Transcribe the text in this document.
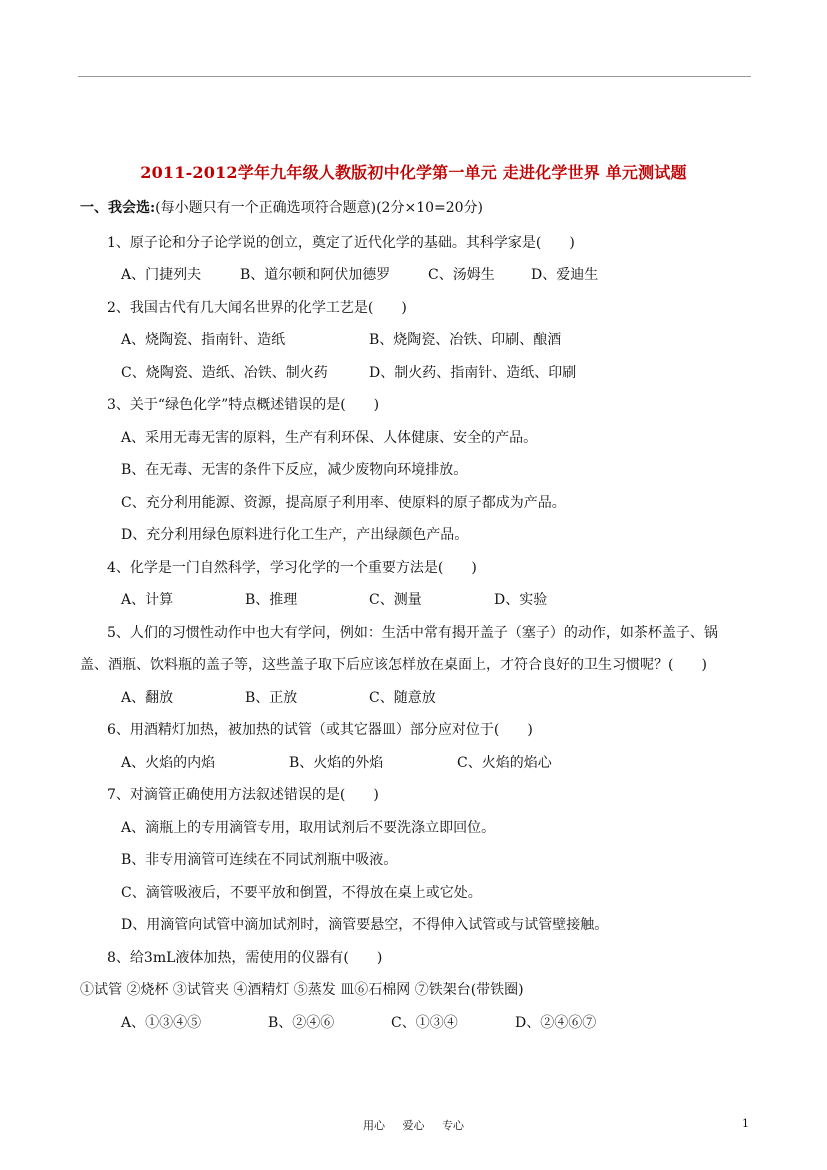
2011-2012学年九年级人教版初中化学第一单元 走进化学世界 单元测试题
一、我会选:(每小题只有一个正确选项符合题意)(2分×10=20分)
1、原子论和分子论学说的创立，奠定了近代化学的基础。其科学家是(　　)
A、门捷列夫	B、道尔顿和阿伏加德罗	C、汤姆生	D、爱迪生
2、我国古代有几大闻名世界的化学工艺是(　　)
A、烧陶瓷、指南针、造纸	B、烧陶瓷、冶铁、印刷、酿酒
C、烧陶瓷、造纸、冶铁、制火药	D、制火药、指南针、造纸、印刷
3、关于“绿色化学”特点概述错误的是(　　)
A、采用无毒无害的原料，生产有利环保、人体健康、安全的产品。
B、在无毒、无害的条件下反应，减少废物向环境排放。
C、充分利用能源、资源，提高原子利用率、使原料的原子都成为产品。
D、充分利用绿色原料进行化工生产，产出绿颜色产品。
4、化学是一门自然科学，学习化学的一个重要方法是(　　)
A、计算	B、推理	C、测量	D、实验
5、人们的习惯性动作中也大有学问，例如：生活中常有揭开盖子（塞子）的动作，如茶杯盖子、锅
盖、酒瓶、饮料瓶的盖子等，这些盖子取下后应该怎样放在桌面上，才符合良好的卫生习惯呢？(　　)
A、翻放	B、正放	C、随意放
6、用酒精灯加热，被加热的试管（或其它器皿）部分应对位于(　　)
A、火焰的内焰	B、火焰的外焰	C、火焰的焰心
7、对滴管正确使用方法叙述错误的是(　　)
A、滴瓶上的专用滴管专用，取用试剂后不要洗涤立即回位。
B、非专用滴管可连续在不同试剂瓶中吸液。
C、滴管吸液后，不要平放和倒置，不得放在桌上或它处。
D、用滴管向试管中滴加试剂时，滴管要悬空，不得伸入试管或与试管壁接触。
8、给3mL液体加热，需使用的仪器有(　　)
①试管 ②烧杯 ③试管夹 ④酒精灯 ⑤蒸发 皿⑥石棉网 ⑦铁架台(带铁圈)
A、①③④⑤	B、②④⑥	C、①③④	D、②④⑥⑦
用心 爱心 专心	1
